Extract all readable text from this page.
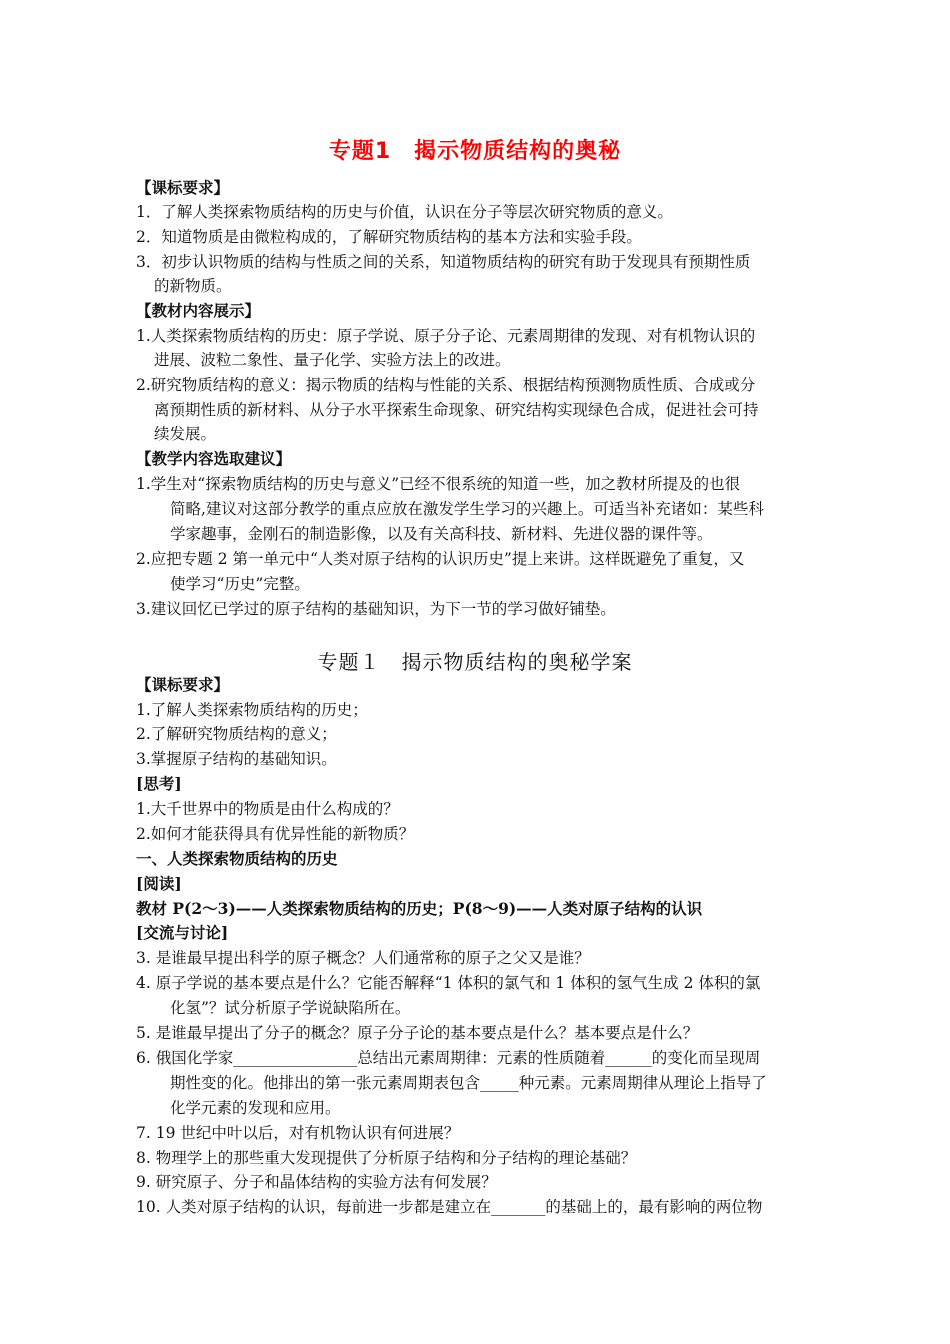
专题1　揭示物质结构的奥秘

【课标要求】

1．了解人类探索物质结构的历史与价值，认识在分子等层次研究物质的意义。

2．知道物质是由微粒构成的，了解研究物质结构的基本方法和实验手段。

3．初步认识物质的结构与性质之间的关系，知道物质结构的研究有助于发现具有预期性质

的新物质。

【教材内容展示】

1.人类探索物质结构的历史：原子学说、原子分子论、元素周期律的发现、对有机物认识的

进展、波粒二象性、量子化学、实验方法上的改进。

2.研究物质结构的意义：揭示物质的结构与性能的关系、根据结构预测物质性质、合成或分

离预期性质的新材料、从分子水平探索生命现象、研究结构实现绿色合成，促进社会可持

续发展。

【教学内容选取建议】

1.学生对“探索物质结构的历史与意义”已经不很系统的知道一些，加之教材所提及的也很

简略,建议对这部分教学的重点应放在激发学生学习的兴趣上。可适当补充诸如：某些科

学家趣事，金刚石的制造影像，以及有关高科技、新材料、先进仪器的课件等。

2.应把专题 2 第一单元中“人类对原子结构的认识历史”提上来讲。这样既避免了重复，又

使学习“历史”完整。

3.建议回忆已学过的原子结构的基础知识，为下一节的学习做好铺垫。

专题１　揭示物质结构的奥秘学案

【课标要求】

1.了解人类探索物质结构的历史；

2.了解研究物质结构的意义；

3.掌握原子结构的基础知识。

[思考]

1.大千世界中的物质是由什么构成的？

2.如何才能获得具有优异性能的新物质？

一、人类探索物质结构的历史

[阅读]

教材 P(2～3)——人类探索物质结构的历史；P(8～9)——人类对原子结构的认识

[交流与讨论]

3. 是谁最早提出科学的原子概念？人们通常称的原子之父又是谁？

4. 原子学说的基本要点是什么？它能否解释“1 体积的氯气和 1 体积的氢气生成 2 体积的氯

化氢”？试分析原子学说缺陷所在。

5. 是谁最早提出了分子的概念？原子分子论的基本要点是什么？基本要点是什么？

6. 俄国化学家________________总结出元素周期律：元素的性质随着______的变化而呈现周

期性变的化。他排出的第一张元素周期表包含_____种元素。元素周期律从理论上指导了

化学元素的发现和应用。

7. 19 世纪中叶以后，对有机物认识有何进展？

8. 物理学上的那些重大发现提供了分析原子结构和分子结构的理论基础？

9. 研究原子、分子和晶体结构的实验方法有何发展？

10. 人类对原子结构的认识，每前进一步都是建立在_______的基础上的，最有影响的两位物
